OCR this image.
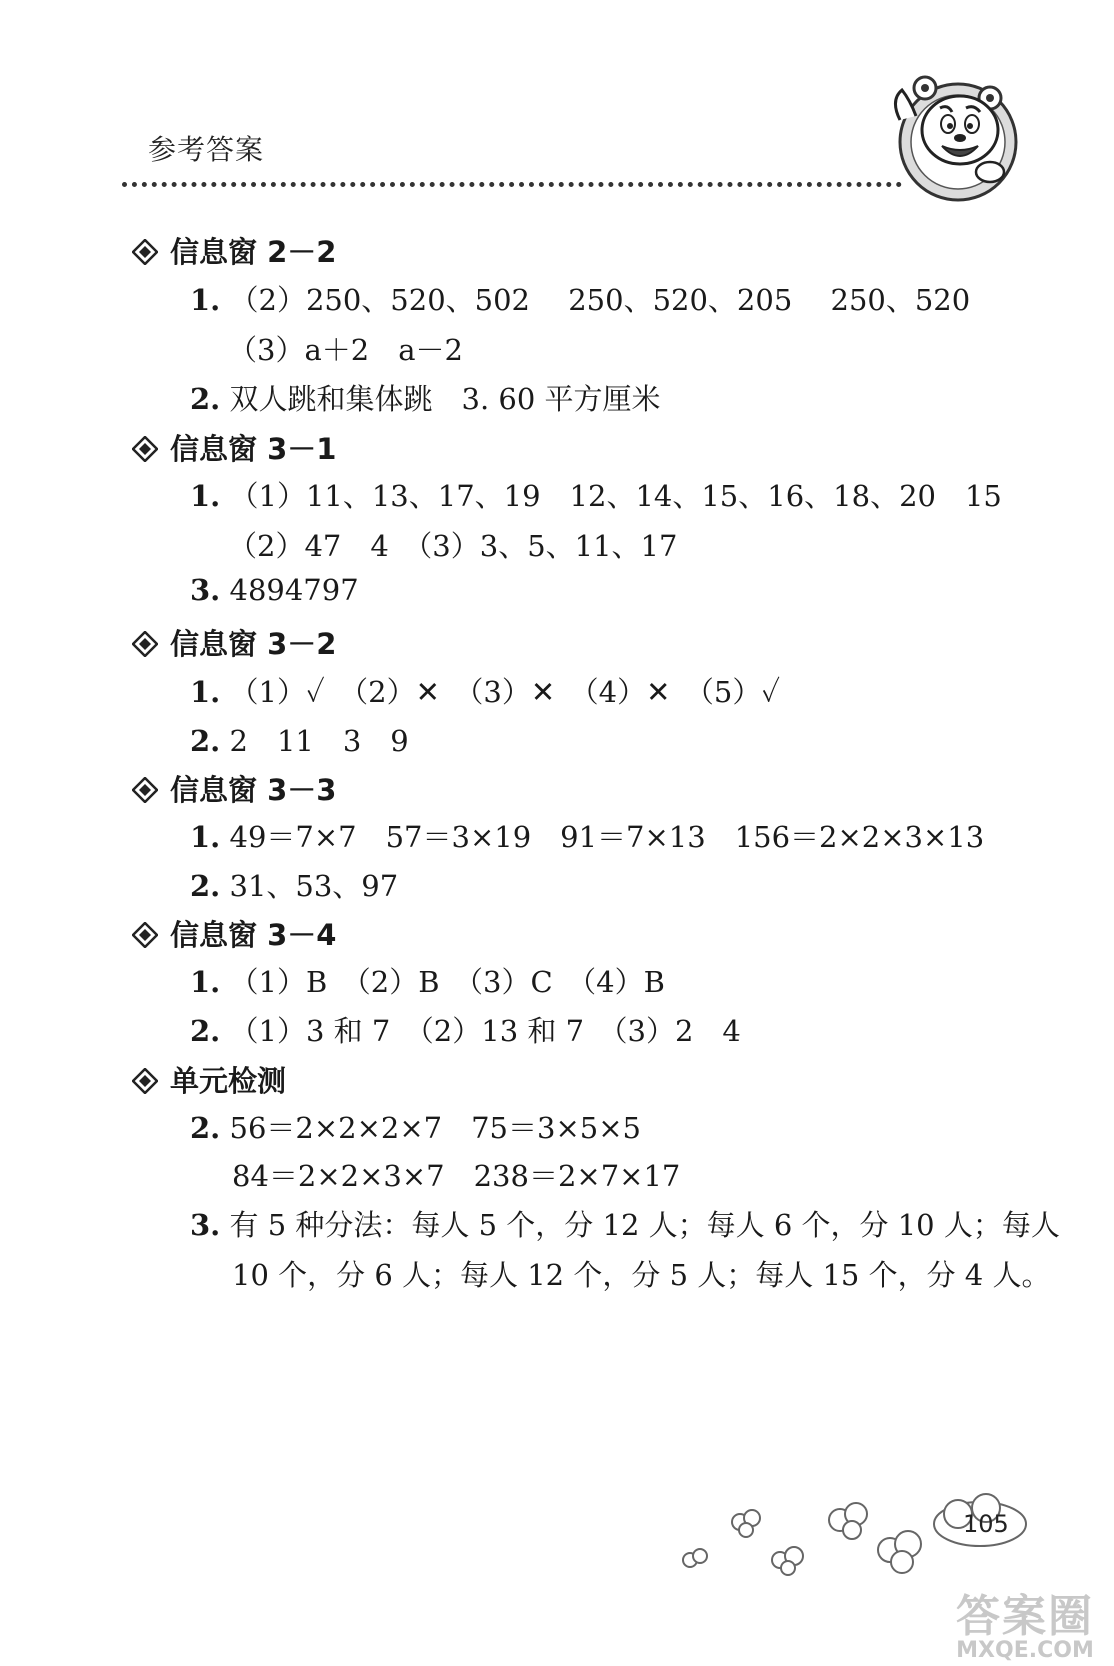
参考答案
信息窗 2－2
1. （2）250、520、502　 250、520、205　 250、520
（3）a＋2　a－2
2. 双人跳和集体跳　3. 60 平方厘米
信息窗 3－1
1. （1）11、13、17、19　12、14、15、16、18、20　15
（2）47　4　（3）3、5、11、17
3. 4894797
信息窗 3－2
1. （1）✓　（2）✕　（3）✕　（4）✕　（5）✓
2. 2　11　3　9
信息窗 3－3
1. 49＝7×7　57＝3×19　91＝7×13　156＝2×2×3×13
2. 31、53、97
信息窗 3－4
1. （1）B　（2）B　（3）C　（4）B
2. （1）3 和 7　（2）13 和 7　（3）2　4
单元检测
2. 56＝2×2×2×7　75＝3×5×5
84＝2×2×3×7　238＝2×7×17
3. 有 5 种分法：每人 5 个，分 12 人；每人 6 个，分 10 人；每人
10 个，分 6 人；每人 12 个，分 5 人；每人 15 个，分 4 人。
105
答案圈
MXQE.COM
